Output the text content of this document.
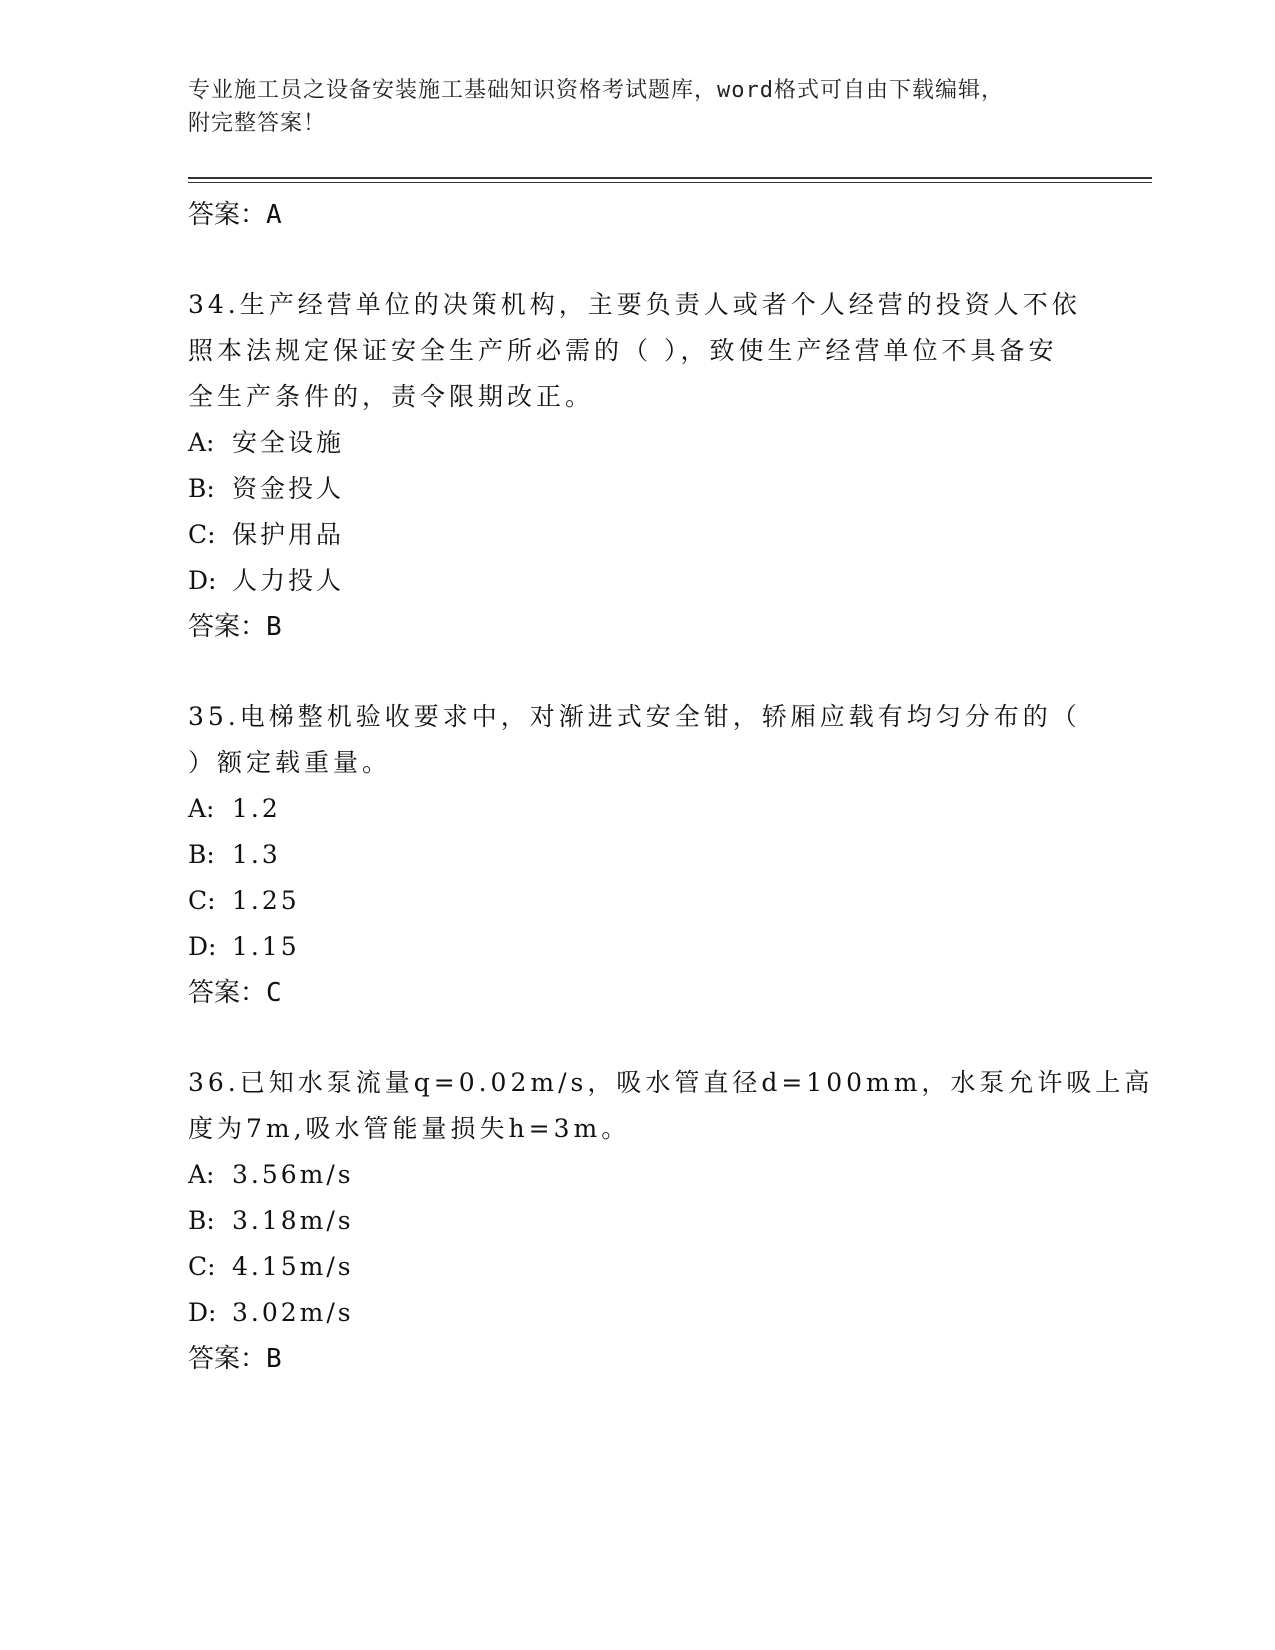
专业施工员之设备安装施工基础知识资格考试题库，word格式可自由下载编辑，
附完整答案！
答案：A
34.生产经营单位的决策机构，主要负责人或者个人经营的投资人不依
照本法规定保证安全生产所必需的（ ），致使生产经营单位不具备安
全生产条件的，责令限期改正。
A: 安全设施
B: 资金投人
C: 保护用品
D: 人力投人
答案：B
35.电梯整机验收要求中，对渐进式安全钳，轿厢应载有均匀分布的（
）额定载重量。
A: 1.2
B: 1.3
C: 1.25
D: 1.15
答案：C
36.已知水泵流量q=0.02m/s，吸水管直径d=100mm，水泵允许吸上高
度为7m,吸水管能量损失h=3m。
A: 3.56m/s
B: 3.18m/s
C: 4.15m/s
D: 3.02m/s
答案：B
